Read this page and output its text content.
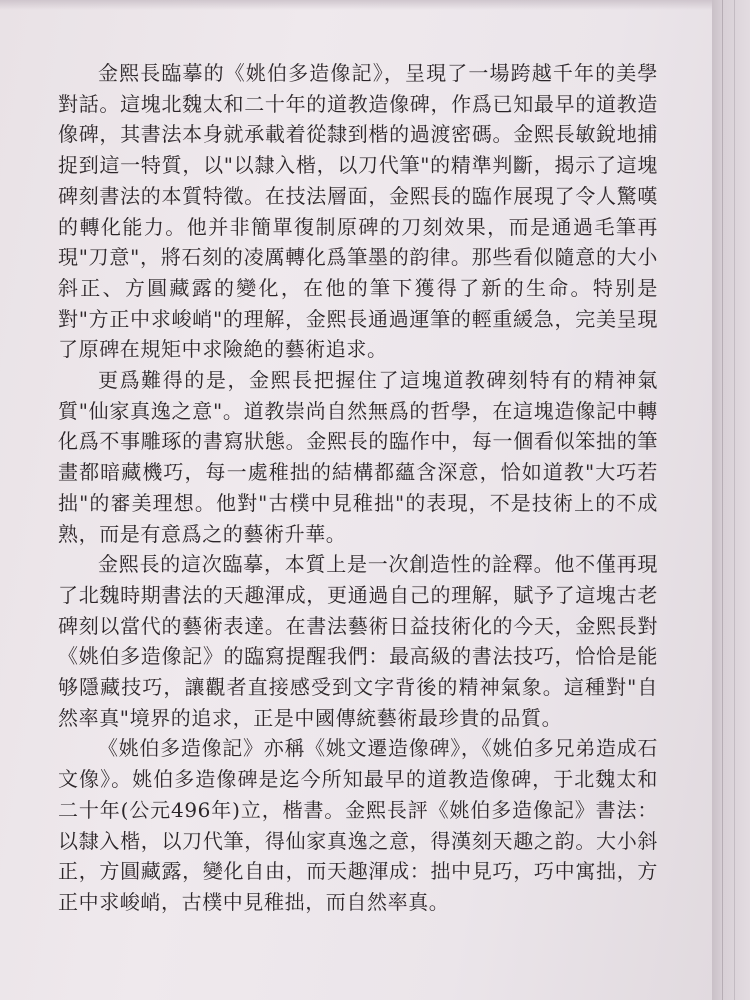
金熙長臨摹的《姚伯多造像記》，呈現了一場跨越千年的美學對話。這塊北魏太和二十年的道教造像碑，作爲已知最早的道教造像碑，其書法本身就承載着從隸到楷的過渡密碼。金熙長敏銳地捕捉到這一特質，以"以隸入楷，以刀代筆"的精準判斷，揭示了這塊碑刻書法的本質特徵。在技法層面，金熙長的臨作展現了令人驚嘆的轉化能力。他并非簡單復制原碑的刀刻效果，而是通過毛筆再現"刀意"，將石刻的凌厲轉化爲筆墨的韵律。那些看似隨意的大小斜正、方圓藏露的變化，在他的筆下獲得了新的生命。特别是對"方正中求峻峭"的理解，金熙長通過運筆的輕重緩急，完美呈現了原碑在規矩中求險絶的藝術追求。

更爲難得的是，金熙長把握住了這塊道教碑刻特有的精神氣質"仙家真逸之意"。道教崇尚自然無爲的哲學，在這塊造像記中轉化爲不事雕琢的書寫狀態。金熙長的臨作中，每一個看似笨拙的筆畫都暗藏機巧，每一處稚拙的結構都蘊含深意，恰如道教"大巧若拙"的審美理想。他對"古樸中見稚拙"的表現，不是技術上的不成熟，而是有意爲之的藝術升華。

金熙長的這次臨摹，本質上是一次創造性的詮釋。他不僅再現了北魏時期書法的天趣渾成，更通過自己的理解，賦予了這塊古老碑刻以當代的藝術表達。在書法藝術日益技術化的今天，金熙長對《姚伯多造像記》的臨寫提醒我們：最高級的書法技巧，恰恰是能够隱藏技巧，讓觀者直接感受到文字背後的精神氣象。這種對"自然率真"境界的追求，正是中國傳統藝術最珍貴的品質。

《姚伯多造像記》亦稱《姚文遷造像碑》，《姚伯多兄弟造成石文像》。姚伯多造像碑是迄今所知最早的道教造像碑，于北魏太和二十年(公元496年)立，楷書。金熙長評《姚伯多造像記》書法：以隸入楷，以刀代筆，得仙家真逸之意，得漢刻天趣之韵。大小斜正，方圓藏露，變化自由，而天趣渾成：拙中見巧，巧中寓拙，方正中求峻峭，古樸中見稚拙，而自然率真。
